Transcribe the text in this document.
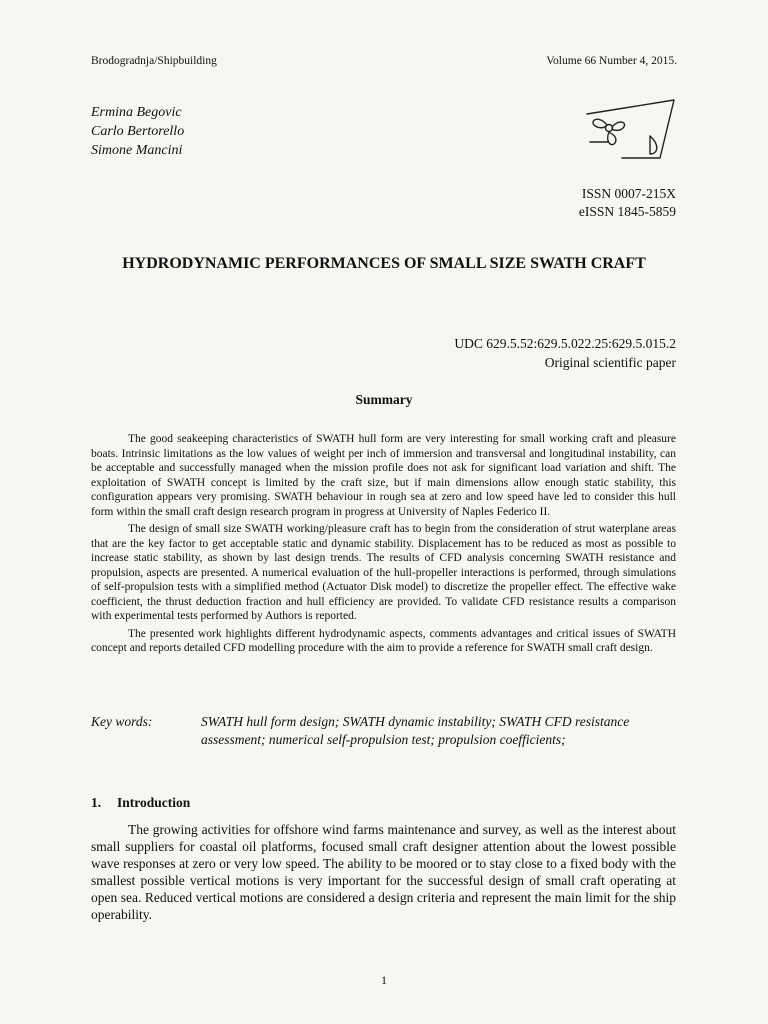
Brodogradnja/Shipbuilding	Volume 66 Number 4, 2015.
Ermina Begovic
Carlo Bertorello
Simone Mancini
ISSN 0007-215X
eISSN 1845-5859
HYDRODYNAMIC PERFORMANCES OF SMALL SIZE SWATH CRAFT
UDC 629.5.52:629.5.022.25:629.5.015.2
Original scientific paper
Summary

The good seakeeping characteristics of SWATH hull form are very interesting for small working craft and pleasure boats. Intrinsic limitations as the low values of weight per inch of immersion and transversal and longitudinal instability, can be acceptable and successfully managed when the mission profile does not ask for significant load variation and shift. The exploitation of SWATH concept is limited by the craft size, but if main dimensions allow enough static stability, this configuration appears very promising. SWATH behaviour in rough sea at zero and low speed have led to consider this hull form within the small craft design research program in progress at University of Naples Federico II.

The design of small size SWATH working/pleasure craft has to begin from the consideration of strut waterplane areas that are the key factor to get acceptable static and dynamic stability. Displacement has to be reduced as most as possible to increase static stability, as shown by last design trends. The results of CFD analysis concerning SWATH resistance and propulsion, aspects are presented. A numerical evaluation of the hull-propeller interactions is performed, through simulations of self-propulsion tests with a simplified method (Actuator Disk model) to discretize the propeller effect. The effective wake coefficient, the thrust deduction fraction and hull efficiency are provided. To validate CFD resistance results a comparison with experimental tests performed by Authors is reported.

The presented work highlights different hydrodynamic aspects, comments advantages and critical issues of SWATH concept and reports detailed CFD modelling procedure with the aim to provide a reference for SWATH small craft design.

Key words:	SWATH hull form design; SWATH dynamic instability; SWATH CFD resistance assessment; numerical self-propulsion test; propulsion coefficients;
1. Introduction

The growing activities for offshore wind farms maintenance and survey, as well as the interest about small suppliers for coastal oil platforms, focused small craft designer attention about the lowest possible wave responses at zero or very low speed. The ability to be moored or to stay close to a fixed body with the smallest possible vertical motions is very important for the successful design of small craft operating at open sea. Reduced vertical motions are considered a design criteria and represent the main limit for the ship operability.

1
